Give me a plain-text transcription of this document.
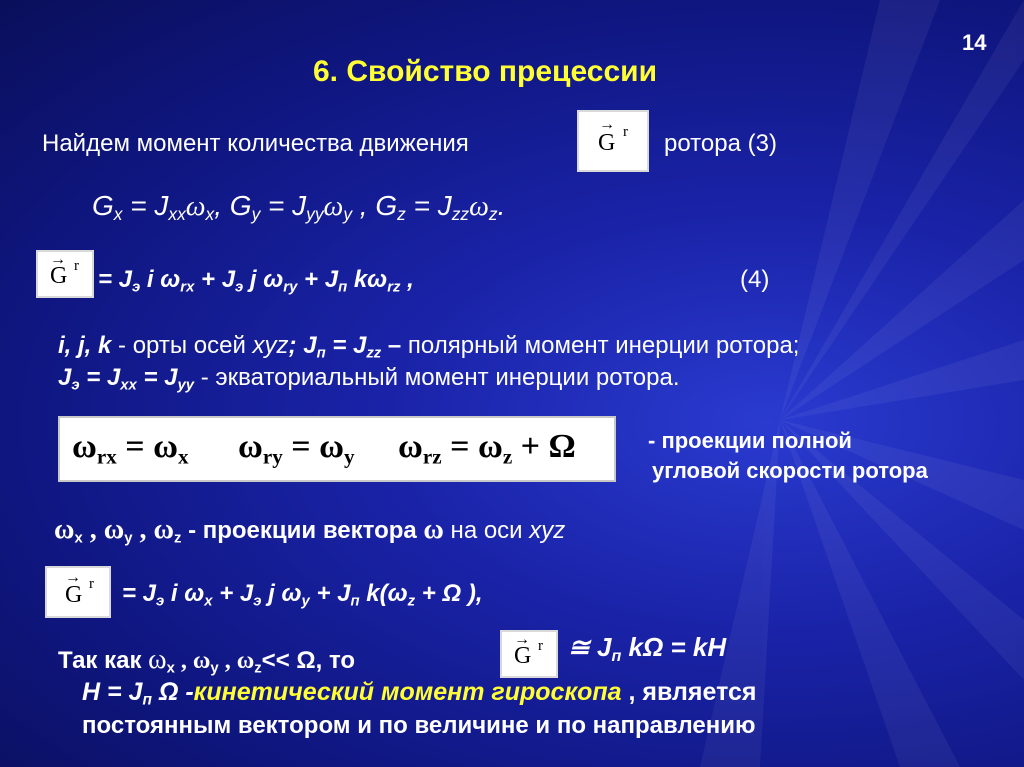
14
6. Свойство прецессии
Найдем момент количества движения
→
G r ротора (3)
$G_x = J_{xx}\omega_x$, $G_y = J_{yy}\omega_y$ , $G_z = J_{zz}\omega_z$.
→
G $r = J_э$ i $\omega_{rx} + J_э$ j $\omega_{ry} + J_п$ $k\omega_{rz}$ ,	(4)
i, j, k - орты осей xyz; $J_п = J_{zz}$ – полярный момент инерции ротора;
$J_э = J_{xx} = J_{yy}$ - экваториальный момент инерции ротора.
$\omega_{rx} = \omega_x$ $\omega_{ry} = \omega_y$ $\omega_{rz} = \omega_z + \Omega$	- проекции полной
угловой скорости ротора
$\omega_x$ , $\omega_y$ , $\omega_z$ - проекции вектора ω на оси xyz
→
G $r = J_э$ i $\omega_x + J_э$ j $\omega_y + J_п$ $k(\omega_z + \Omega$ ),
Так как $\omega_x$ , $\omega_y$ , $\omega_z<< \Omega$, то
→
G r ≅ $J_п$ kΩ = kH
$H = J_п$ Ω -кинетический момент гироскопа , является
постоянным вектором и по величине и по направлению
